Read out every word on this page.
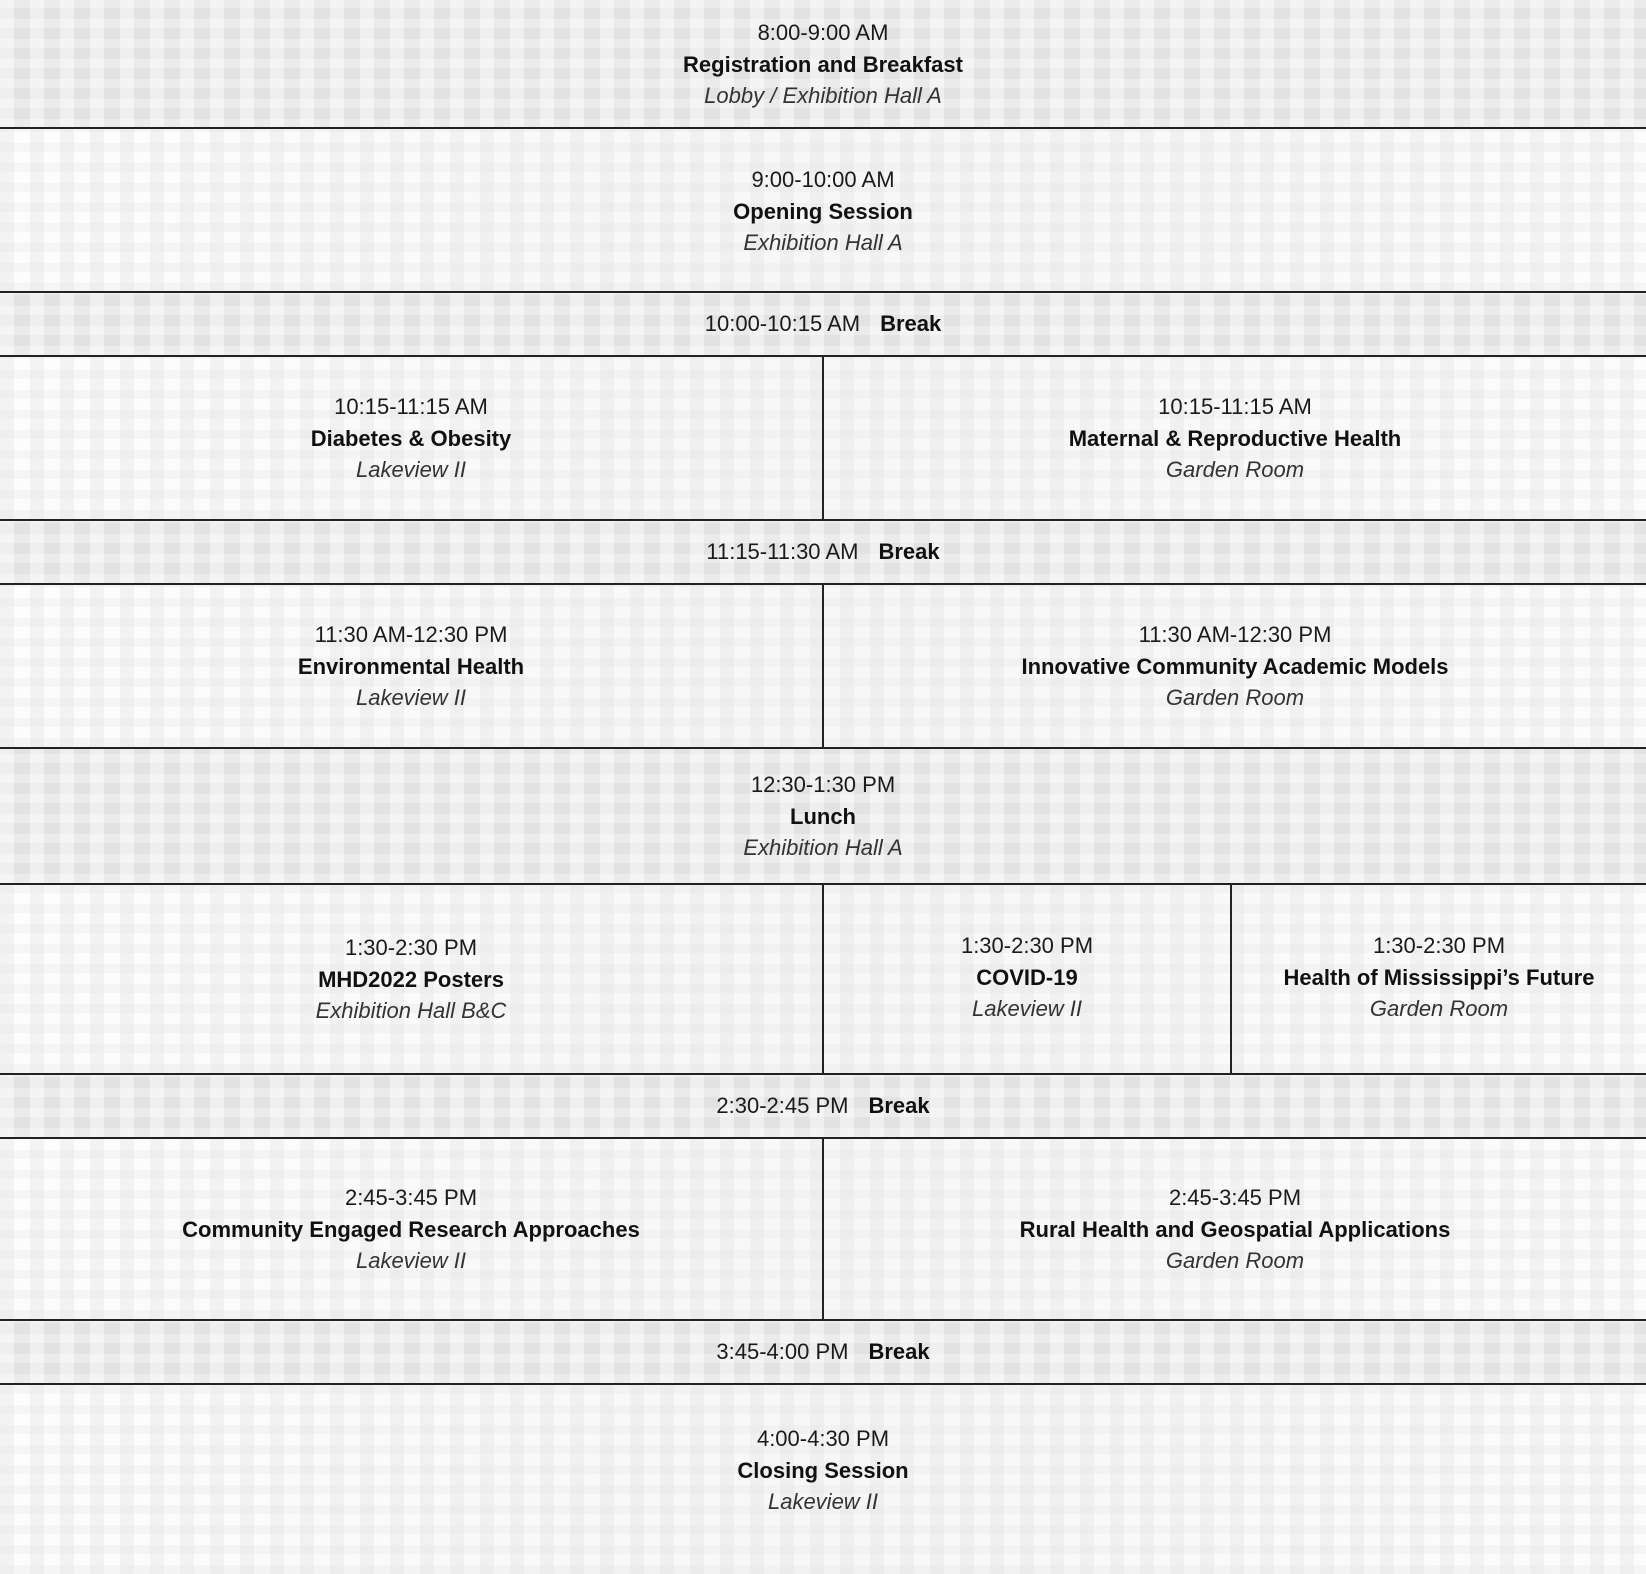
8:00-9:00 AM
Registration and Breakfast
Lobby / Exhibition Hall A
9:00-10:00 AM
Opening Session
Exhibition Hall A
10:00-10:15 AM Break
10:15-11:15 AM
Diabetes & Obesity
Lakeview II
10:15-11:15 AM
Maternal & Reproductive Health
Garden Room
11:15-11:30 AM Break
11:30 AM-12:30 PM
Environmental Health
Lakeview II
11:30 AM-12:30 PM
Innovative Community Academic Models
Garden Room
12:30-1:30 PM
Lunch
Exhibition Hall A
1:30-2:30 PM
MHD2022 Posters
Exhibition Hall B&C
1:30-2:30 PM
COVID-19
Lakeview II
1:30-2:30 PM
Health of Mississippi’s Future
Garden Room
2:30-2:45 PM Break
2:45-3:45 PM
Community Engaged Research Approaches
Lakeview II
2:45-3:45 PM
Rural Health and Geospatial Applications
Garden Room
3:45-4:00 PM Break
4:00-4:30 PM
Closing Session
Lakeview II
